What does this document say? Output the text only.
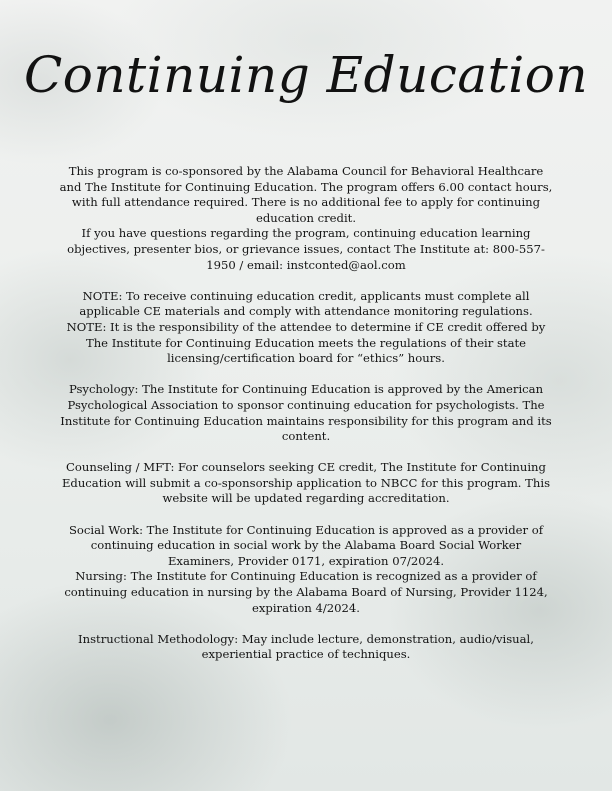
Continuing Education

This program is co-sponsored by the Alabama Council for Behavioral Healthcare and The Institute for Continuing Education. The program offers 6.00 contact hours, with full attendance required. There is no additional fee to apply for continuing education credit.

If you have questions regarding the program, continuing education learning objectives, presenter bios, or grievance issues, contact The Institute at: 800-557-1950 / email: instconted@aol.com

NOTE: To receive continuing education credit, applicants must complete all applicable CE materials and comply with attendance monitoring regulations.

NOTE: It is the responsibility of the attendee to determine if CE credit offered by The Institute for Continuing Education meets the regulations of their state licensing/certification board for “ethics” hours.

Psychology: The Institute for Continuing Education is approved by the American Psychological Association to sponsor continuing education for psychologists. The Institute for Continuing Education maintains responsibility for this program and its content.

Counseling / MFT: For counselors seeking CE credit, The Institute for Continuing Education will submit a co-sponsorship application to NBCC for this program. This website will be updated regarding accreditation.

Social Work: The Institute for Continuing Education is approved as a provider of continuing education in social work by the Alabama Board Social Worker Examiners, Provider 0171, expiration 07/2024.

Nursing: The Institute for Continuing Education is recognized as a provider of continuing education in nursing by the Alabama Board of Nursing, Provider 1124, expiration 4/2024.

Instructional Methodology: May include lecture, demonstration, audio/visual, experiential practice of techniques.
